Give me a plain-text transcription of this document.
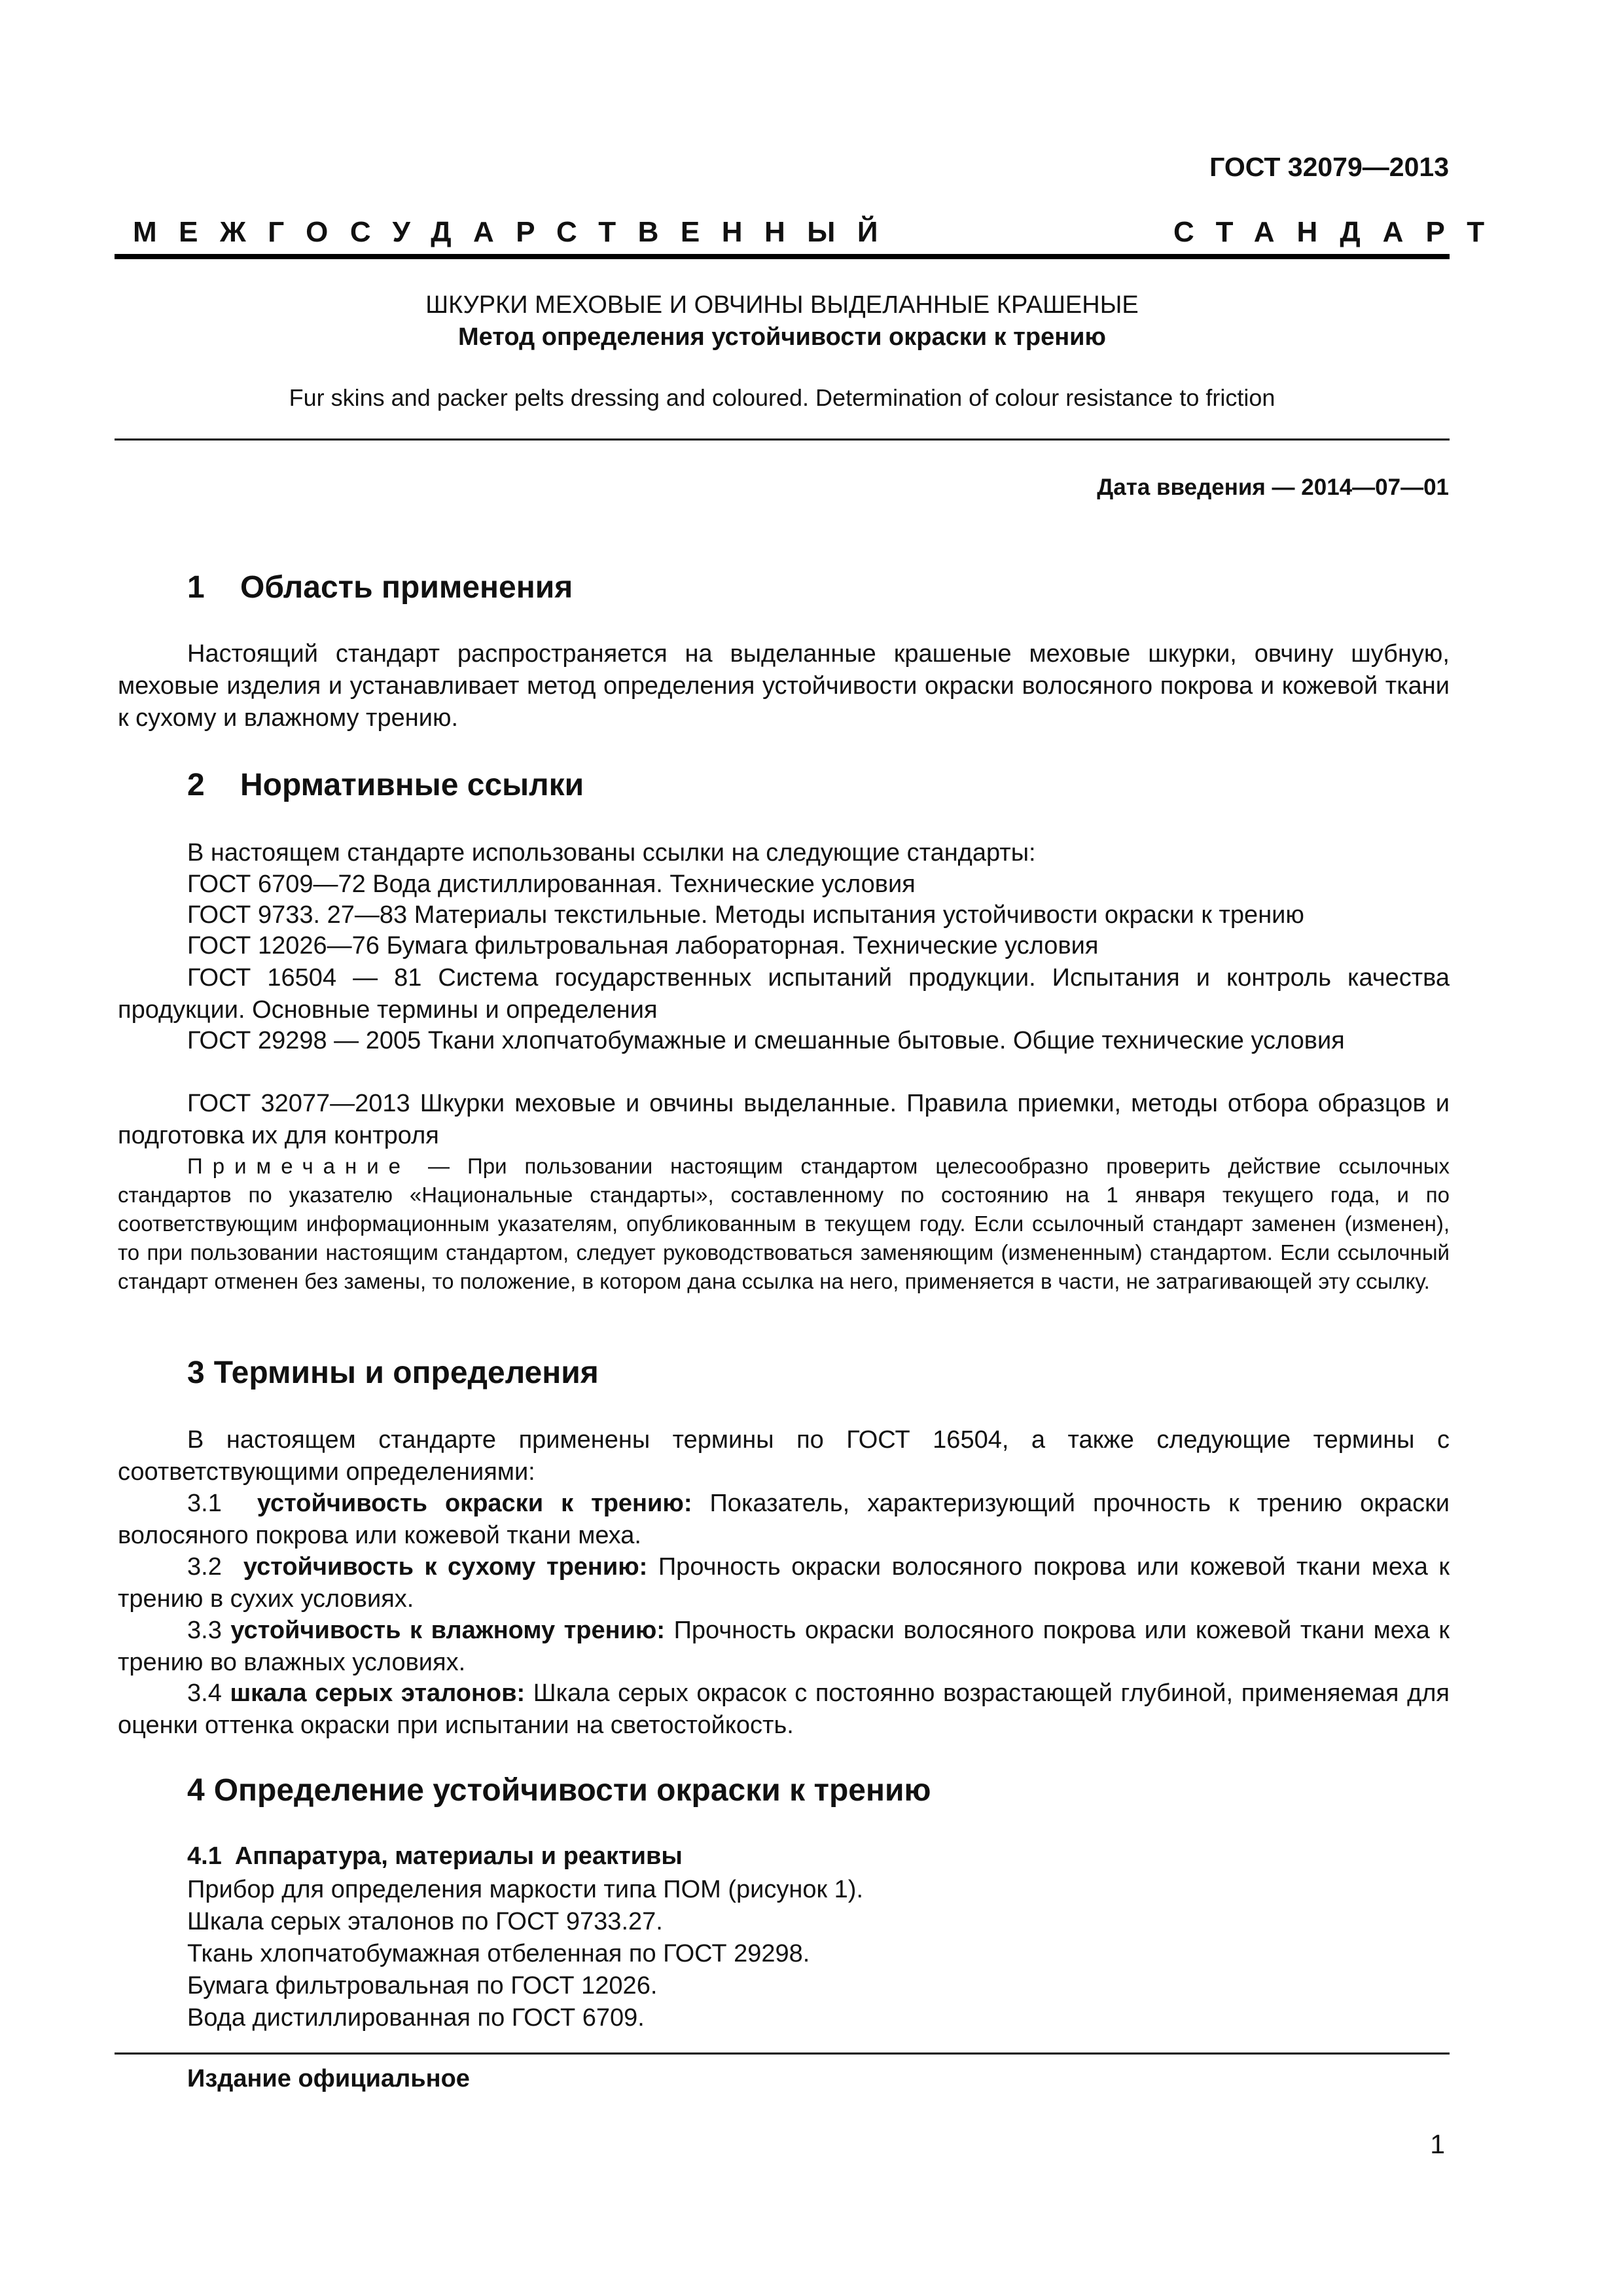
ГОСТ 32079—2013
МЕЖГОСУДАРСТВЕННЫЙ	СТАНДАРТ
ШКУРКИ МЕХОВЫЕ И ОВЧИНЫ ВЫДЕЛАННЫЕ КРАШЕНЫЕ
Метод определения устойчивости окраски к трению
Fur skins and packer pelts dressing and coloured. Determination of colour resistance to friction
Дата введения — 2014—07—01
1 Область применения
Настоящий стандарт распространяется на выделанные крашеные меховые шкурки, овчину шубную, меховые изделия и устанавливает метод определения устойчивости окраски волосяного покрова и кожевой ткани к сухому и влажному трению.
2 Нормативные ссылки
В настоящем стандарте использованы ссылки на следующие стандарты:
ГОСТ 6709—72 Вода дистиллированная. Технические условия
ГОСТ 9733. 27—83 Материалы текстильные. Методы испытания устойчивости окраски к трению
ГОСТ 12026—76 Бумага фильтровальная лабораторная. Технические условия
ГОСТ 16504 — 81 Система государственных испытаний продукции. Испытания и контроль качества продукции. Основные термины и определения
ГОСТ 29298 — 2005 Ткани хлопчатобумажные и смешанные бытовые. Общие технические условия
ГОСТ 32077—2013 Шкурки меховые и овчины выделанные. Правила приемки, методы отбора образцов и подготовка их для контроля
Примечание — При пользовании настоящим стандартом целесообразно проверить действие ссылочных стандартов по указателю «Национальные стандарты», составленному по состоянию на 1 января текущего года, и по соответствующим информационным указателям, опубликованным в текущем году. Если ссылочный стандарт заменен (изменен), то при пользовании настоящим стандартом, следует руководствоваться заменяющим (измененным) стандартом. Если ссылочный стандарт отменен без замены, то положение, в котором дана ссылка на него, применяется в части, не затрагивающей эту ссылку.
3 Термины и определения
В настоящем стандарте применены термины по ГОСТ 16504, а также следующие термины с соответствующими определениями:
3.1 устойчивость окраски к трению: Показатель, характеризующий прочность к трению окраски волосяного покрова или кожевой ткани меха.
3.2  устойчивость к сухому трению: Прочность окраски волосяного покрова или кожевой ткани меха к трению в сухих условиях.
3.3 устойчивость к влажному трению: Прочность окраски волосяного покрова или кожевой ткани меха к трению во влажных условиях.
3.4 шкала серых эталонов: Шкала серых окрасок с постоянно возрастающей глубиной, применяемая для оценки оттенка окраски при испытании на светостойкость.
4 Определение устойчивости окраски к трению
4.1 Аппаратура, материалы и реактивы
Прибор для определения маркости типа ПОМ (рисунок 1).
Шкала серых эталонов по ГОСТ 9733.27.
Ткань хлопчатобумажная отбеленная по ГОСТ 29298.
Бумага фильтровальная по ГОСТ 12026.
Вода дистиллированная по ГОСТ 6709.
Издание официальное
1
